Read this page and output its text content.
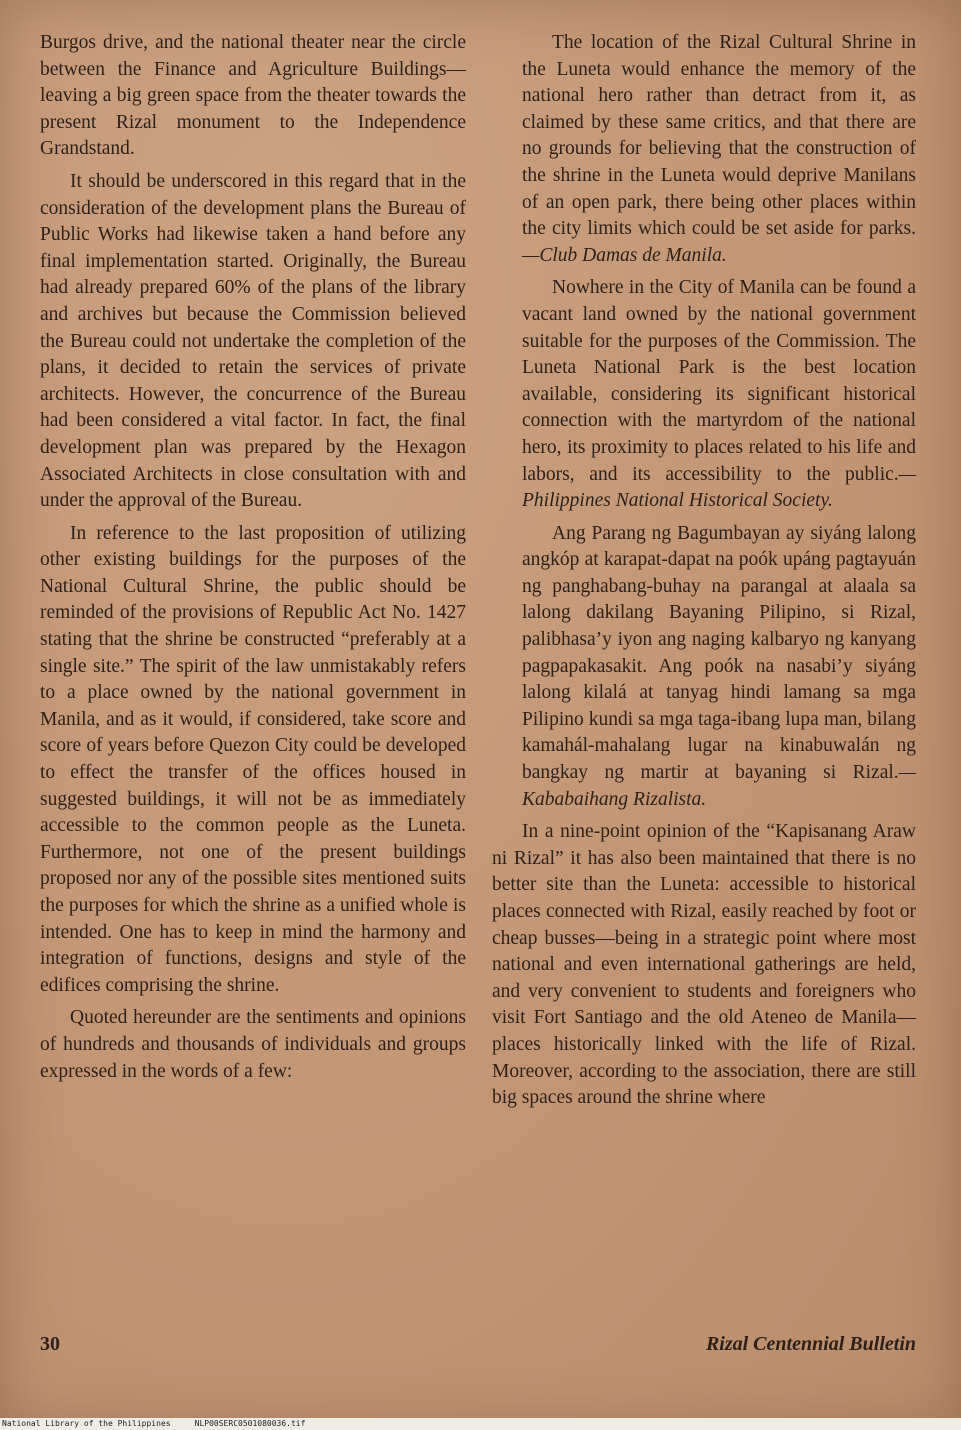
Burgos drive, and the national theater near the circle between the Finance and Agriculture Buildings—leaving a big green space from the theater towards the present Rizal monument to the Independence Grandstand.

It should be underscored in this regard that in the consideration of the development plans the Bureau of Public Works had likewise taken a hand before any final implementation started. Originally, the Bureau had already prepared 60% of the plans of the library and archives but because the Commission believed the Bureau could not undertake the completion of the plans, it decided to retain the services of private architects. However, the concurrence of the Bureau had been considered a vital factor. In fact, the final development plan was prepared by the Hexagon Associated Architects in close consultation with and under the approval of the Bureau.

In reference to the last proposition of utilizing other existing buildings for the purposes of the National Cultural Shrine, the public should be reminded of the provisions of Republic Act No. 1427 stating that the shrine be constructed “preferably at a single site.” The spirit of the law unmistakably refers to a place owned by the national government in Manila, and as it would, if considered, take score and score of years before Quezon City could be developed to effect the transfer of the offices housed in suggested buildings, it will not be as immediately accessible to the common people as the Luneta. Furthermore, not one of the present buildings proposed nor any of the possible sites mentioned suits the purposes for which the shrine as a unified whole is intended. One has to keep in mind the harmony and integration of functions, designs and style of the edifices comprising the shrine.

Quoted hereunder are the sentiments and opinions of hundreds and thousands of individuals and groups expressed in the words of a few:

The location of the Rizal Cultural Shrine in the Luneta would enhance the memory of the national hero rather than detract from it, as claimed by these same critics, and that there are no grounds for believing that the construction of the shrine in the Luneta would deprive Manilans of an open park, there being other places within the city limits which could be set aside for parks.—Club Damas de Manila.

Nowhere in the City of Manila can be found a vacant land owned by the national government suitable for the purposes of the Commission. The Luneta National Park is the best location available, considering its significant historical connection with the martyrdom of the national hero, its proximity to places related to his life and labors, and its accessibility to the public.—Philippines National Historical Society.

Ang Parang ng Bagumbayan ay siyáng lalong angkóp at karapat-dapat na poók upáng pagtayuán ng panghabang-buhay na parangal at alaala sa lalong dakilang Bayaning Pilipino, si Rizal, palibhasa’y iyon ang naging kalbaryo ng kanyang pagpapakasakit. Ang poók na nasabi’y siyáng lalong kilalá at tanyag hindi lamang sa mga Pilipino kundi sa mga taga-ibang lupa man, bilang kamahál-mahalang lugar na kinabuwalán ng bangkay ng martir at bayaning si Rizal.—Kababaihang Rizalista.

In a nine-point opinion of the “Kapisanang Araw ni Rizal” it has also been maintained that there is no better site than the Luneta: accessible to historical places connected with Rizal, easily reached by foot or cheap busses—being in a strategic point where most national and even international gatherings are held, and very convenient to students and foreigners who visit Fort Santiago and the old Ateneo de Manila—places historically linked with the life of Rizal. Moreover, according to the association, there are still big spaces around the shrine where

30	Rizal Centennial Bulletin
National Library of the Philippines     NLP00SERC0501080036.tif
